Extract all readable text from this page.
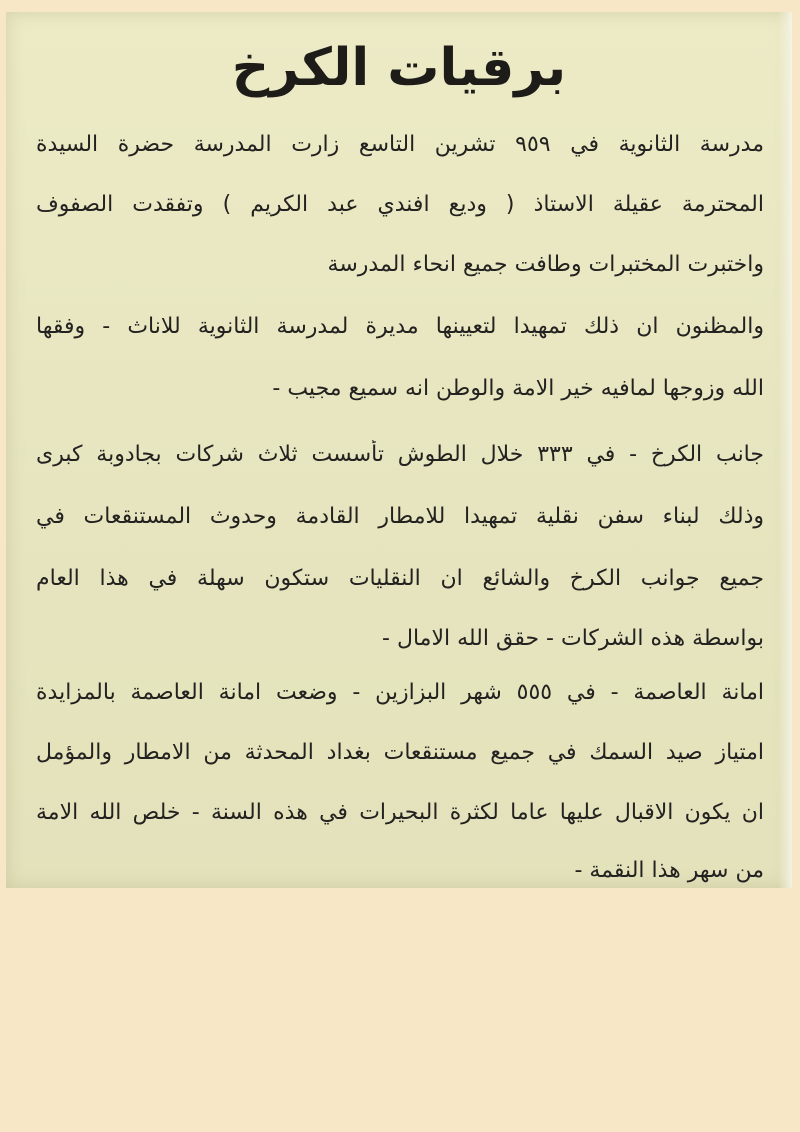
برقيات الكرخ
مدرسة الثانوية في ٩٥٩ تشرين التاسع زارت المدرسة حضرة السيدة
المحترمة عقيلة الاستاذ ( وديع افندي عبد الكريم ) وتفقدت الصفوف
واختبرت المختبرات وطافت جميع انحاء المدرسة
والمظنون ان ذلك تمهيدا لتعيينها مديرة لمدرسة الثانوية للاناث - وفقها
الله وزوجها لمافيه خير الامة والوطن انه سميع مجيب -
جانب الكرخ - في ٣٣٣ خلال الطوش تأسست ثلاث شركات بجادوبة كبرى
وذلك لبناء سفن نقلية تمهيدا للامطار القادمة وحدوث المستنقعات في
جميع جوانب الكرخ والشائع ان النقليات ستكون سهلة في هذا العام
بواسطة هذه الشركات - حقق الله الامال -
امانة العاصمة - في ٥٥٥ شهر البزازين - وضعت امانة العاصمة بالمزايدة
امتياز صيد السمك في جميع مستنقعات بغداد المحدثة من الامطار والمؤمل
ان يكون الاقبال عليها عاما لكثرة البحيرات في هذه السنة - خلص الله الامة
من سهر هذا النقمة -
